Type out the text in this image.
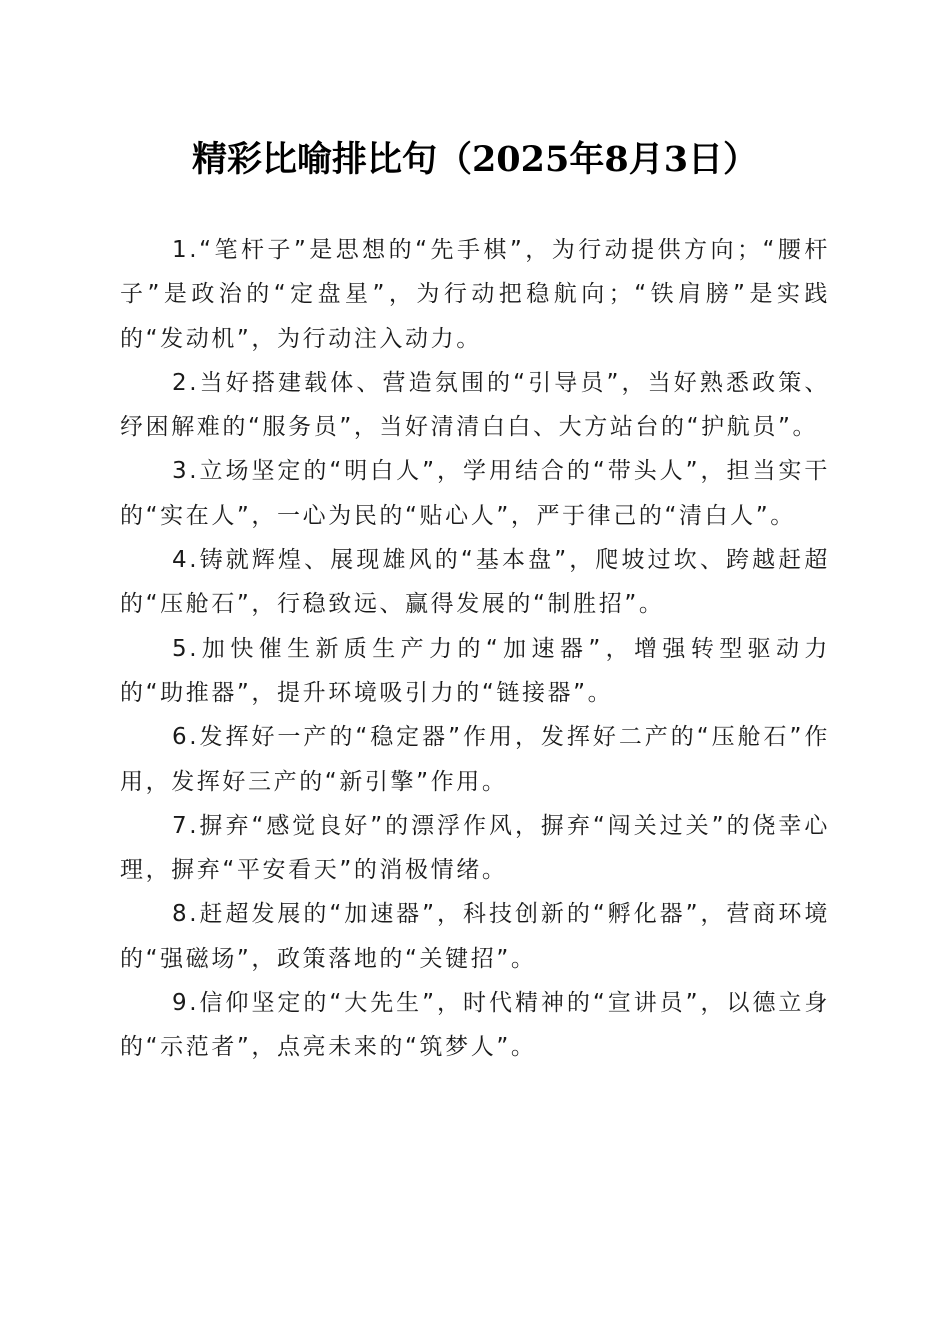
精彩比喻排比句（2025年8月3日）

1.“笔杆子”是思想的“先手棋”，为行动提供方向；“腰杆子”是政治的“定盘星”，为行动把稳航向；“铁肩膀”是实践的“发动机”，为行动注入动力。

2.当好搭建载体、营造氛围的“引导员”，当好熟悉政策、纾困解难的“服务员”，当好清清白白、大方站台的“护航员”。

3.立场坚定的“明白人”，学用结合的“带头人”，担当实干的“实在人”，一心为民的“贴心人”，严于律己的“清白人”。

4.铸就辉煌、展现雄风的“基本盘”，爬坡过坎、跨越赶超的“压舱石”，行稳致远、赢得发展的“制胜招”。

5.加快催生新质生产力的“加速器”，增强转型驱动力的“助推器”，提升环境吸引力的“链接器”。

6.发挥好一产的“稳定器”作用，发挥好二产的“压舱石”作用，发挥好三产的“新引擎”作用。

7.摒弃“感觉良好”的漂浮作风，摒弃“闯关过关”的侥幸心理，摒弃“平安看天”的消极情绪。

8.赶超发展的“加速器”，科技创新的“孵化器”，营商环境的“强磁场”，政策落地的“关键招”。

9.信仰坚定的“大先生”，时代精神的“宣讲员”，以德立身的“示范者”，点亮未来的“筑梦人”。
